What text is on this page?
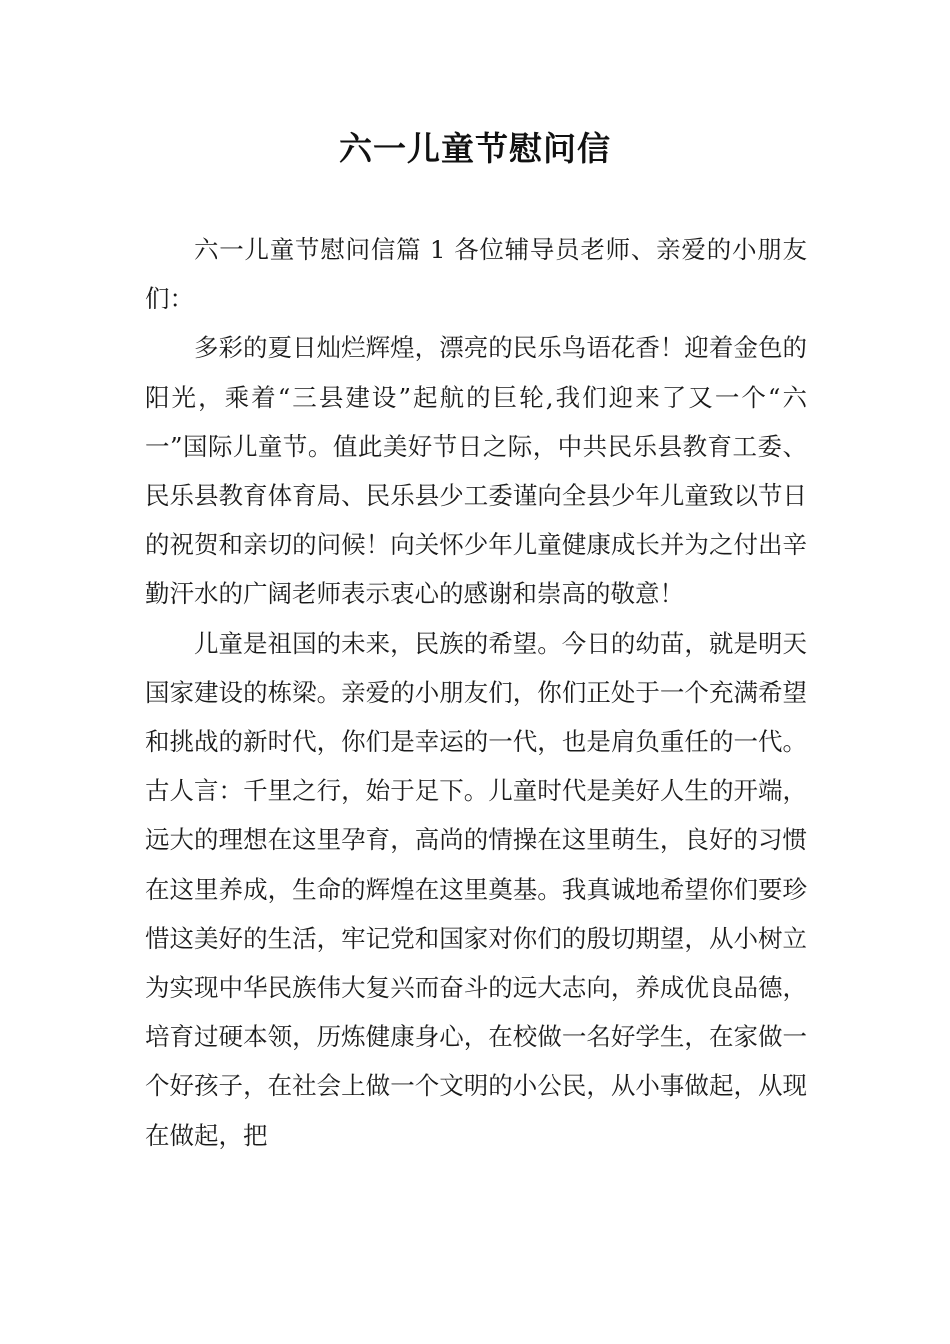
六一儿童节慰问信

六一儿童节慰问信篇 1 各位辅导员老师、亲爱的小朋友们：

多彩的夏日灿烂辉煌，漂亮的民乐鸟语花香！迎着金色的阳光，乘着“三县建设”起航的巨轮,我们迎来了又一个“六一”国际儿童节。值此美好节日之际，中共民乐县教育工委、民乐县教育体育局、民乐县少工委谨向全县少年儿童致以节日的祝贺和亲切的问候！向关怀少年儿童健康成长并为之付出辛勤汗水的广阔老师表示衷心的感谢和崇高的敬意！

儿童是祖国的未来，民族的希望。今日的幼苗，就是明天国家建设的栋梁。亲爱的小朋友们，你们正处于一个充满希望和挑战的新时代，你们是幸运的一代，也是肩负重任的一代。古人言：千里之行，始于足下。儿童时代是美好人生的开端，远大的理想在这里孕育，高尚的情操在这里萌生，良好的习惯在这里养成，生命的辉煌在这里奠基。我真诚地希望你们要珍惜这美好的生活，牢记党和国家对你们的殷切期望，从小树立为实现中华民族伟大复兴而奋斗的远大志向，养成优良品德，培育过硬本领，历炼健康身心，在校做一名好学生，在家做一个好孩子，在社会上做一个文明的小公民，从小事做起，从现在做起，把
